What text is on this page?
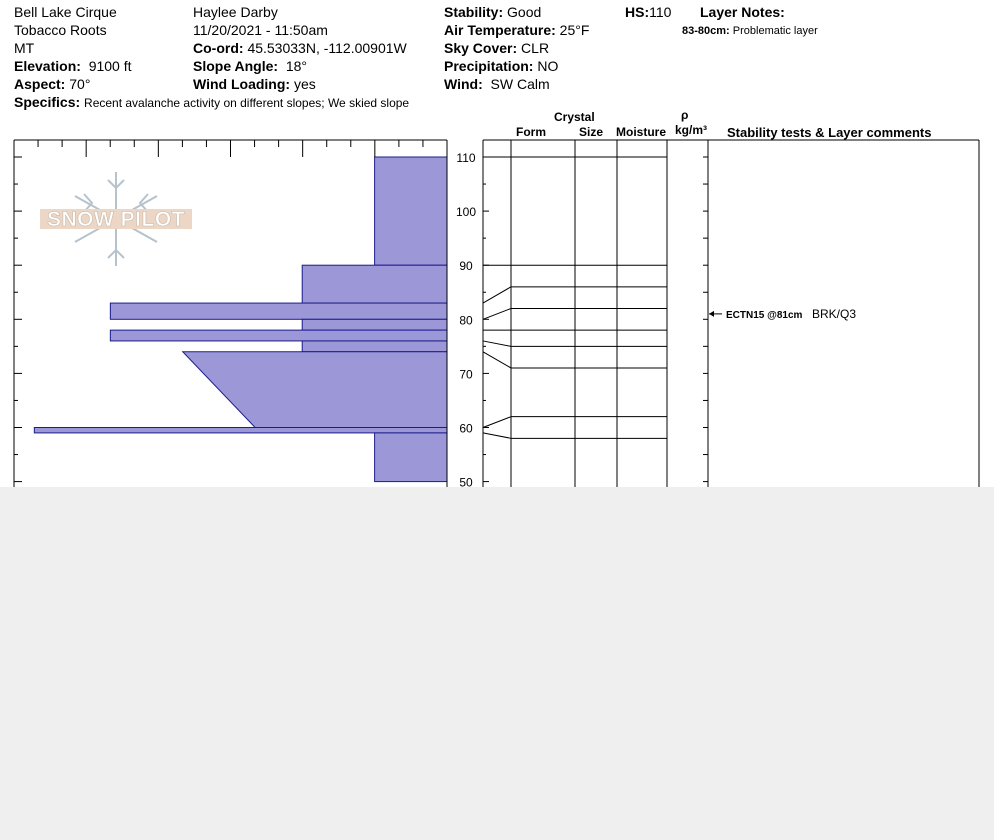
Bell Lake Cirque
Tobacco Roots
MT
Elevation: 9100 ft
Aspect: 70°
Specifics: Recent avalanche activity on different slopes; We skied slope
Haylee Darby
11/20/2021 - 11:50am
Co-ord: 45.53033N, -112.00901W
Slope Angle: 18°
Wind Loading: yes
Stability: Good
Air Temperature: 25°F
Sky Cover: CLR
Precipitation: NO
Wind: SW Calm
HS:110 Layer Notes:
83-80cm: Problematic layer
Crystal
Form	Size Moisture
ρ
kg/m³ Stability tests & Layer comments
SNOW PILOT
110
100
90
80
70
60
50
ECTN15 @81cm BRK/Q3
